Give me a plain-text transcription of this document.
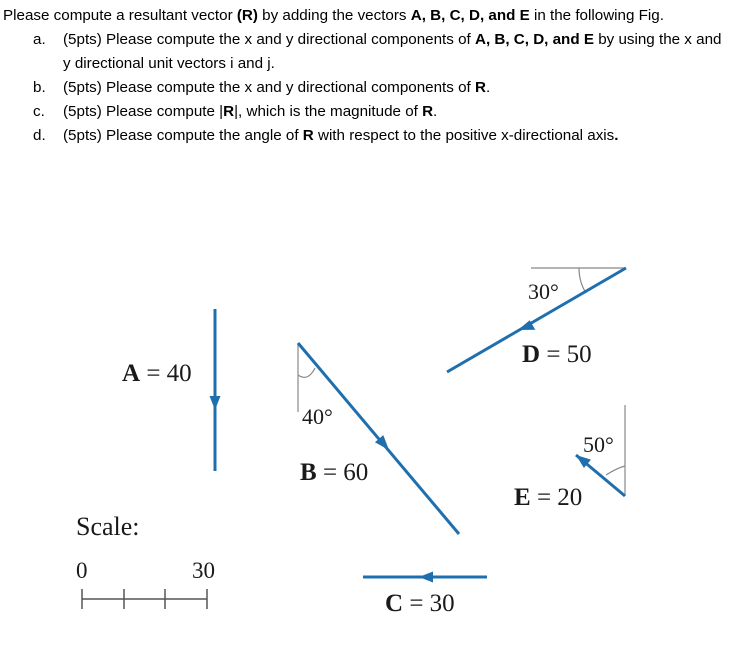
Please compute a resultant vector (R) by adding the vectors A, B, C, D, and E in the following Fig.
a. (5pts) Please compute the x and y directional components of A, B, C, D, and E by using the x and y directional unit vectors i and j.
b. (5pts) Please compute the x and y directional components of R.
c. (5pts) Please compute |R|, which is the magnitude of R.
d. (5pts) Please compute the angle of R with respect to the positive x-directional axis.
A = 40
40°
B = 60
C = 30
30°
D = 50
50°
E = 20
Scale:
0	30
